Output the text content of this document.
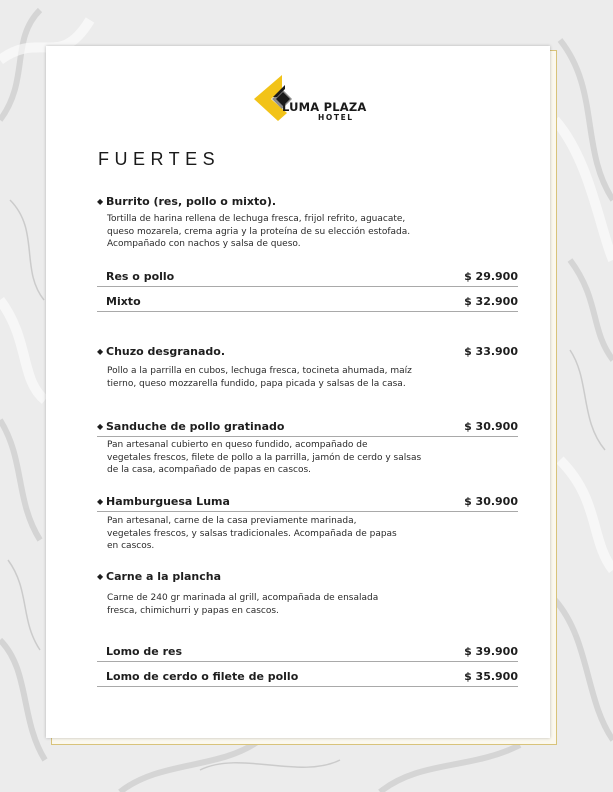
LUMA PLAZA
HOTEL
FUERTES
◆ Burrito (res, pollo o mixto).
Tortilla de harina rellena de lechuga fresca, frijol refrito, aguacate,
queso mozarela, crema agria y la proteína de su elección estofada.
Acompañado con nachos y salsa de queso.
Res o pollo	$ 29.900
Mixto	$ 32.900
◆ Chuzo desgranado.	$ 33.900
Pollo a la parrilla en cubos, lechuga fresca, tocineta ahumada, maíz
tierno, queso mozzarella fundido, papa picada y salsas de la casa.
◆ Sanduche de pollo gratinado	$ 30.900
Pan artesanal cubierto en queso fundido, acompañado de
vegetales frescos, filete de pollo a la parrilla, jamón de cerdo y salsas
de la casa, acompañado de papas en cascos.
◆ Hamburguesa Luma	$ 30.900
Pan artesanal, carne de la casa previamente marinada,
vegetales frescos, y salsas tradicionales. Acompañada de papas
en cascos.
◆ Carne a la plancha
Carne de 240 gr marinada al grill, acompañada de ensalada
fresca, chimichurri y papas en cascos.
Lomo de res	$ 39.900
Lomo de cerdo o filete de pollo	$ 35.900
